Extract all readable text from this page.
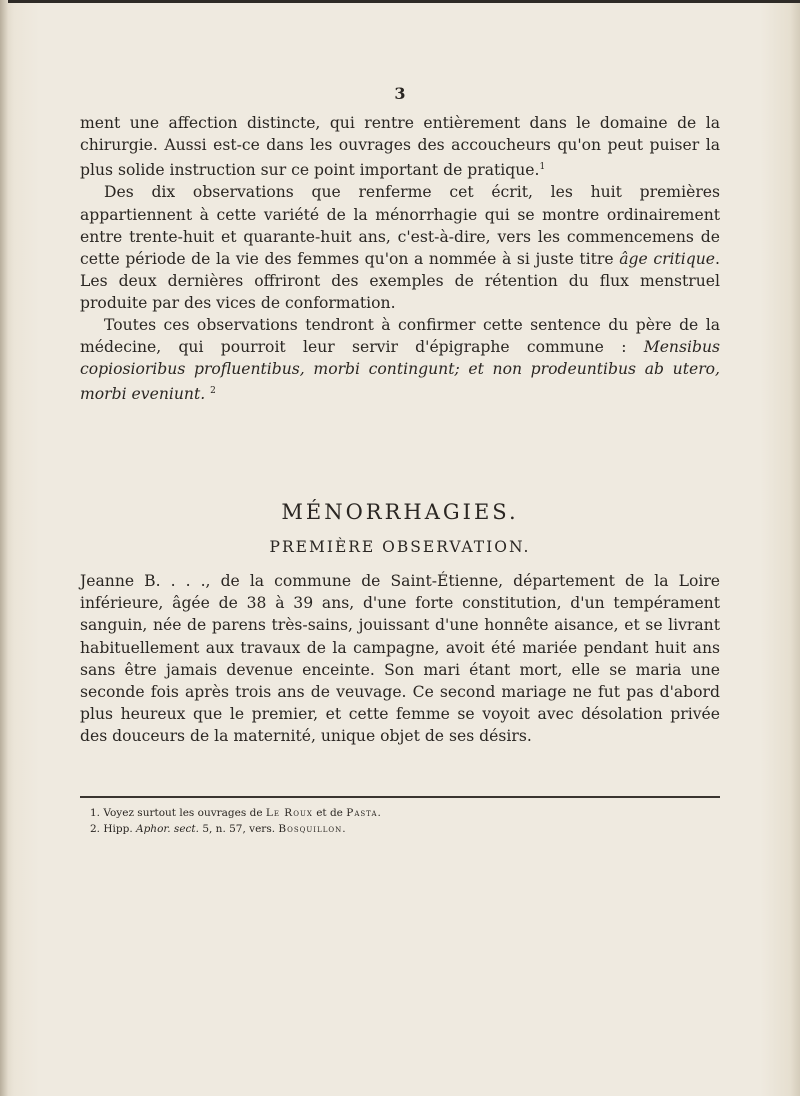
3

ment une affection distincte, qui rentre entièrement dans le domaine de la chirurgie. Aussi est-ce dans les ouvrages des accoucheurs qu'on peut puiser la plus solide instruction sur ce point important de pratique.$^1$

Des dix observations que renferme cet écrit, les huit premières appartiennent à cette variété de la ménorrhagie qui se montre ordinairement entre trente-huit et quarante-huit ans, c'est-à-dire, vers les commencemens de cette période de la vie des femmes qu'on a nommée à si juste titre âge critique. Les deux dernières offriront des exemples de rétention du flux menstruel produite par des vices de conformation.

Toutes ces observations tendront à confirmer cette sentence du père de la médecine, qui pourroit leur servir d'épigraphe commune : Mensibus copiosioribus profluentibus, morbi contingunt; et non prodeuntibus ab utero, morbi eveniunt. $^2$

MÉNORRHAGIES.
PREMIÈRE OBSERVATION.

Jeanne B. . . ., de la commune de Saint-Étienne, département de la Loire inférieure, âgée de 38 à 39 ans, d'une forte constitution, d'un tempérament sanguin, née de parens très-sains, jouissant d'une honnête aisance, et se livrant habituellement aux travaux de la campagne, avoit été mariée pendant huit ans sans être jamais devenue enceinte. Son mari étant mort, elle se maria une seconde fois après trois ans de veuvage. Ce second mariage ne fut pas d'abord plus heureux que le premier, et cette femme se voyoit avec désolation privée des douceurs de la maternité, unique objet de ses désirs.

1. Voyez surtout les ouvrages de Le Roux et de Pasta.
2. Hipp. Aphor. sect. 5, n. 57, vers. Bosquillon.
